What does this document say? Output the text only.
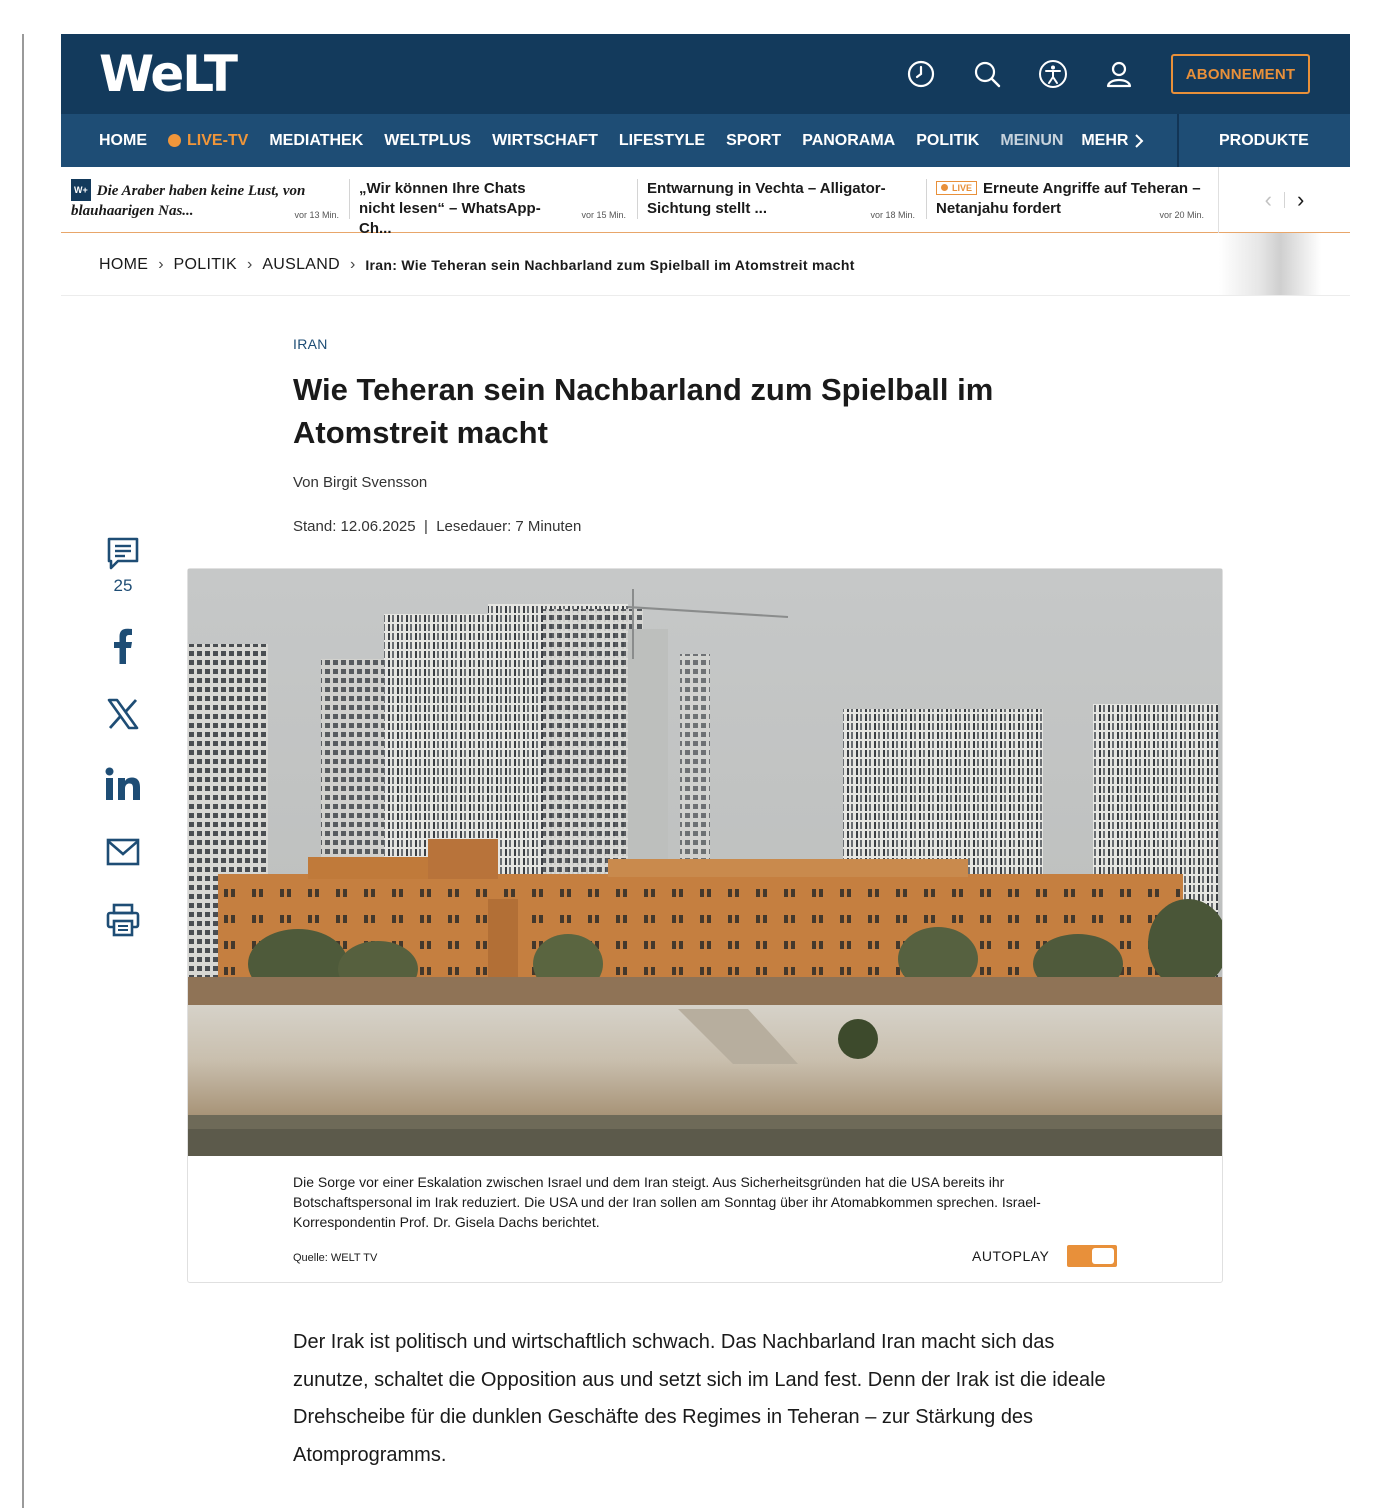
WeLT	ABONNEMENT
HOME	LIVE-TV MEDIATHEK WELTPLUS WIRTSCHAFT LIFESTYLE SPORT PANORAMA POLITIK MEINUN MEHR	PRODUKTE
W+ Die Araber haben keine Lust, von blauhaarigen Nas...	vor 13 Min.
„Wir können Ihre Chats nicht lesen“ – WhatsApp-Ch...
vor 15 Min.
Entwarnung in Vechta – Alligator-Sichtung stellt ...	vor 18 Min.
LIVE Erneute Angriffe auf Teheran – Netanjahu fordert	vor 20 Min.
‹ ›
HOME › POLITIK › AUSLAND › Iran: Wie Teheran sein Nachbarland zum Spielball im Atomstreit macht
IRAN
Wie Teheran sein Nachbarland zum Spielball im Atomstreit macht
Von Birgit Svensson
Stand: 12.06.2025  |  Lesedauer: 7 Minuten
25
Die Sorge vor einer Eskalation zwischen Israel und dem Iran steigt. Aus Sicherheitsgründen hat die USA bereits ihr Botschaftspersonal im Irak reduziert. Die USA und der Iran sollen am Sonntag über ihr Atomabkommen sprechen. Israel-Korrespondentin Prof. Dr. Gisela Dachs berichtet.
Quelle: WELT TV	AUTOPLAY

Der Irak ist politisch und wirtschaftlich schwach. Das Nachbarland Iran macht sich das zunutze, schaltet die Opposition aus und setzt sich im Land fest. Denn der Irak ist die ideale Drehscheibe für die dunklen Geschäfte des Regimes in Teheran – zur Stärkung des Atomprogramms.
